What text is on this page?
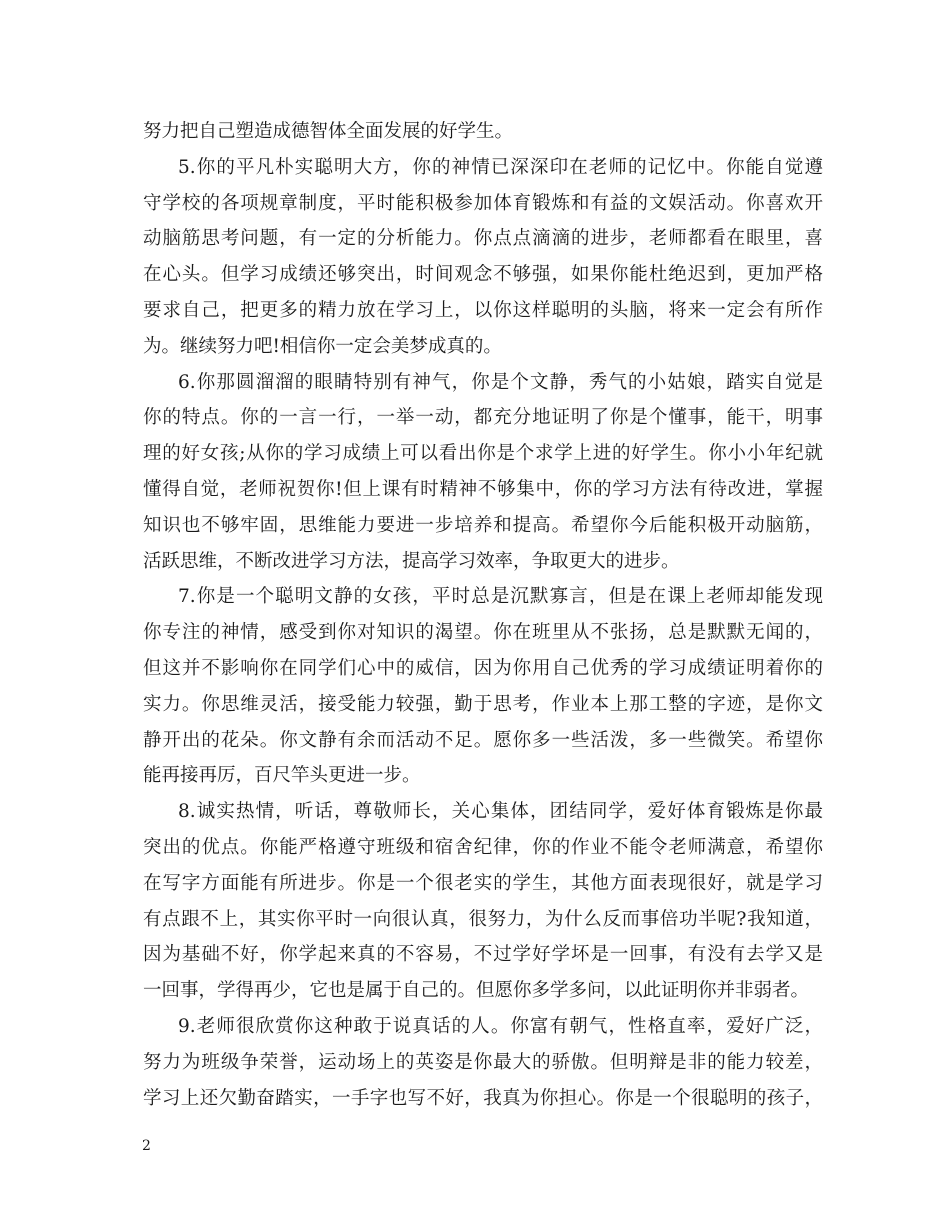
努力把自己塑造成德智体全面发展的好学生。
5.你的平凡朴实聪明大方，你的神情已深深印在老师的记忆中。你能自觉遵
守学校的各项规章制度，平时能积极参加体育锻炼和有益的文娱活动。你喜欢开
动脑筋思考问题，有一定的分析能力。你点点滴滴的进步，老师都看在眼里，喜
在心头。但学习成绩还够突出，时间观念不够强，如果你能杜绝迟到，更加严格
要求自己，把更多的精力放在学习上，以你这样聪明的头脑，将来一定会有所作
为。继续努力吧!相信你一定会美梦成真的。
6.你那圆溜溜的眼睛特别有神气，你是个文静，秀气的小姑娘，踏实自觉是
你的特点。你的一言一行，一举一动，都充分地证明了你是个懂事，能干，明事
理的好女孩;从你的学习成绩上可以看出你是个求学上进的好学生。你小小年纪就
懂得自觉，老师祝贺你!但上课有时精神不够集中，你的学习方法有待改进，掌握
知识也不够牢固，思维能力要进一步培养和提高。希望你今后能积极开动脑筋，
活跃思维，不断改进学习方法，提高学习效率，争取更大的进步。
7.你是一个聪明文静的女孩，平时总是沉默寡言，但是在课上老师却能发现
你专注的神情，感受到你对知识的渴望。你在班里从不张扬，总是默默无闻的，
但这并不影响你在同学们心中的威信，因为你用自己优秀的学习成绩证明着你的
实力。你思维灵活，接受能力较强，勤于思考，作业本上那工整的字迹，是你文
静开出的花朵。你文静有余而活动不足。愿你多一些活泼，多一些微笑。希望你
能再接再厉，百尺竿头更进一步。
8.诚实热情，听话，尊敬师长，关心集体，团结同学，爱好体育锻炼是你最
突出的优点。你能严格遵守班级和宿舍纪律，你的作业不能令老师满意，希望你
在写字方面能有所进步。你是一个很老实的学生，其他方面表现很好，就是学习
有点跟不上，其实你平时一向很认真，很努力，为什么反而事倍功半呢?我知道，
因为基础不好，你学起来真的不容易，不过学好学坏是一回事，有没有去学又是
一回事，学得再少，它也是属于自己的。但愿你多学多问，以此证明你并非弱者。
9.老师很欣赏你这种敢于说真话的人。你富有朝气，性格直率，爱好广泛，
努力为班级争荣誉，运动场上的英姿是你最大的骄傲。但明辩是非的能力较差，
学习上还欠勤奋踏实，一手字也写不好，我真为你担心。你是一个很聪明的孩子，
2
